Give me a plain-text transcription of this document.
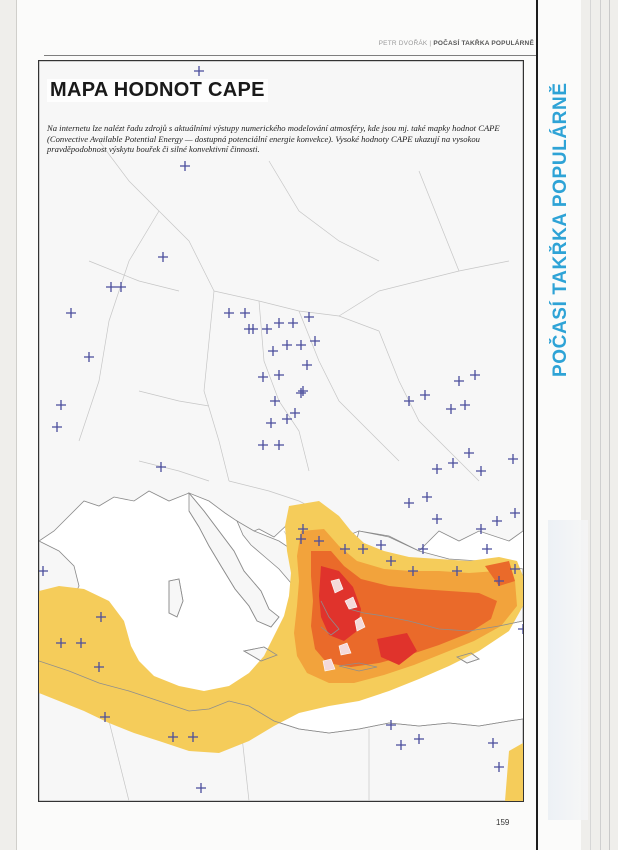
PETR DVOŘÁK | POČASÍ TAKŘKA POPULÁRNĚ
POČASÍ TAKŘKA POPULÁRNĚ
MAPA HODNOT CAPE
Na internetu lze nalézt řadu zdrojů s aktuálními výstupy numerického modelování atmosféry, kde jsou mj. také mapky hodnot CAPE (Convective Available Potential Energy — dostupná potenciální energie konvekce). Vysoké hodnoty CAPE ukazují na vysokou pravděpodobnost výskytu bouřek či silné konvektivní činnosti.
159
